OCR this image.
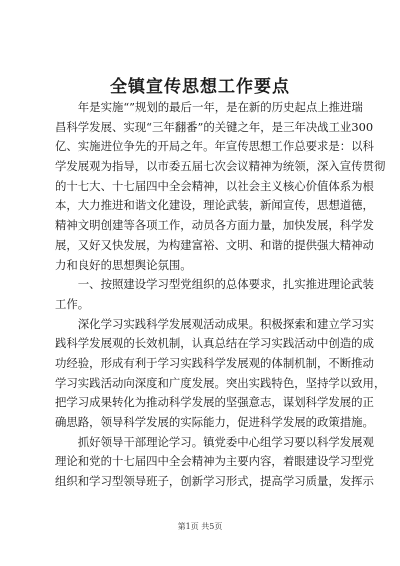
全镇宣传思想工作要点
　　年是实施“”规划的最后一年，是在新的历史起点上推进瑞
昌科学发展、实现“三年翻番”的关键之年，是三年决战工业300
亿、实施进位争先的开局之年。年宣传思想工作总要求是：以科
学发展观为指导，以市委五届七次会议精神为统领，深入宣传贯彻
的十七大、十七届四中全会精神，以社会主义核心价值体系为根
本，大力推进和谐文化建设，理论武装，新闻宣传，思想道德，
精神文明创建等各项工作，动员各方面力量，加快发展，科学发
展，又好又快发展，为构建富裕、文明、和谐的提供强大精神动
力和良好的思想舆论氛围。
　　一、按照建设学习型党组织的总体要求，扎实推进理论武装
工作。
　　深化学习实践科学发展观活动成果。积极探索和建立学习实
践科学发展观的长效机制，认真总结在学习实践活动中创造的成
功经验，形成有利于学习实践科学发展观的体制机制，不断推动
学习实践活动向深度和广度发展。突出实践特色，坚持学以致用，
把学习成果转化为推动科学发展的坚强意志，谋划科学发展的正
确思路，领导科学发展的实际能力，促进科学发展的政策措施。
　　抓好领导干部理论学习。镇党委中心组学习要以科学发展观
理论和党的十七届四中全会精神为主要内容，着眼建设学习型党
组织和学习型领导班子，创新学习形式，提高学习质量，发挥示
第1页 共5页
